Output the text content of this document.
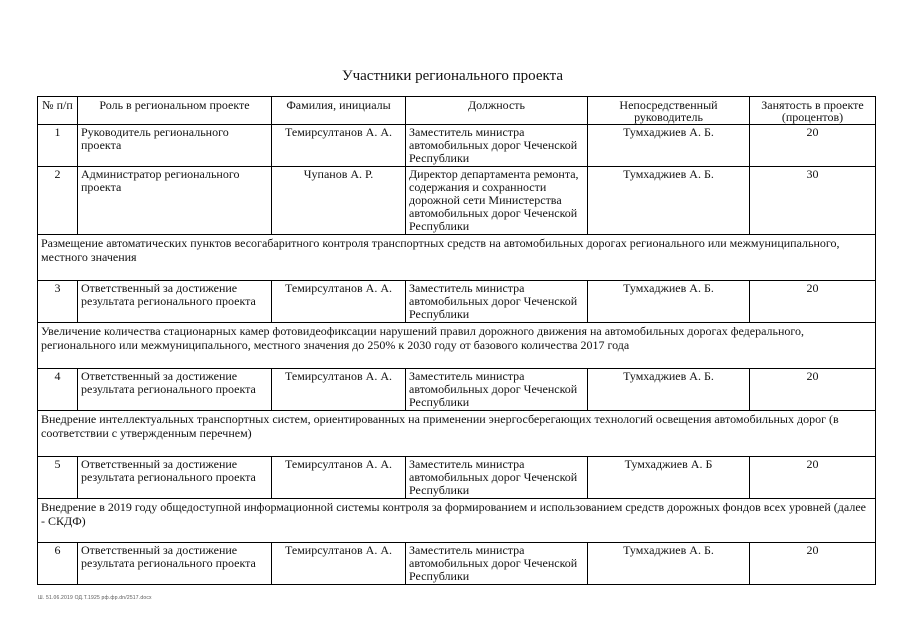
Участники регионального проекта
№ п/п	Роль в региональном проекте	Фамилия, инициалы	Должность	Непосредственный руководитель	Занятость в проекте (процентов)
1	Руководитель регионального проекта	Темирсултанов А. А.	Заместитель министра автомобильных дорог Чеченской Республики	Тумхаджиев А. Б.	20
2	Администратор регионального проекта	Чупанов А. Р.	Директор департамента ремонта, содержания и сохранности дорожной сети Министерства автомобильных дорог Чеченской Республики	Тумхаджиев А. Б.	30
Размещение автоматических пунктов весогабаритного контроля транспортных средств на автомобильных дорогах регионального или межмуниципального, местного значения					
3	Ответственный за достижение результата регионального проекта	Темирсултанов А. А.	Заместитель министра автомобильных дорог Чеченской Республики	Тумхаджиев А. Б.	20
Увеличение количества стационарных камер фотовидеофиксации нарушений правил дорожного движения на автомобильных дорогах федерального, регионального или межмуниципального, местного значения до 250% к 2030 году от базового количества 2017 года					
4	Ответственный за достижение результата регионального проекта	Темирсултанов А. А.	Заместитель министра автомобильных дорог Чеченской Республики	Тумхаджиев А. Б.	20
Внедрение интеллектуальных транспортных систем, ориентированных на применении энергосберегающих технологий освещения автомобильных дорог (в соответствии с утвержденным перечнем)					
5	Ответственный за достижение результата регионального проекта	Темирсултанов А. А.	Заместитель министра автомобильных дорог Чеченской Республики	Тумхаджиев А. Б	20
Внедрение в 2019 году общедоступной информационной системы контроля за формированием и использованием средств дорожных фондов всех уровней (далее - СКДФ)					
6	Ответственный за достижение результата регионального проекта	Темирсултанов А. А.	Заместитель министра автомобильных дорог Чеченской Республики	Тумхаджиев А. Б.	20
Ш. 51.06.2019 ОД.Т.1925 рф.фр.dn/2517.docx
